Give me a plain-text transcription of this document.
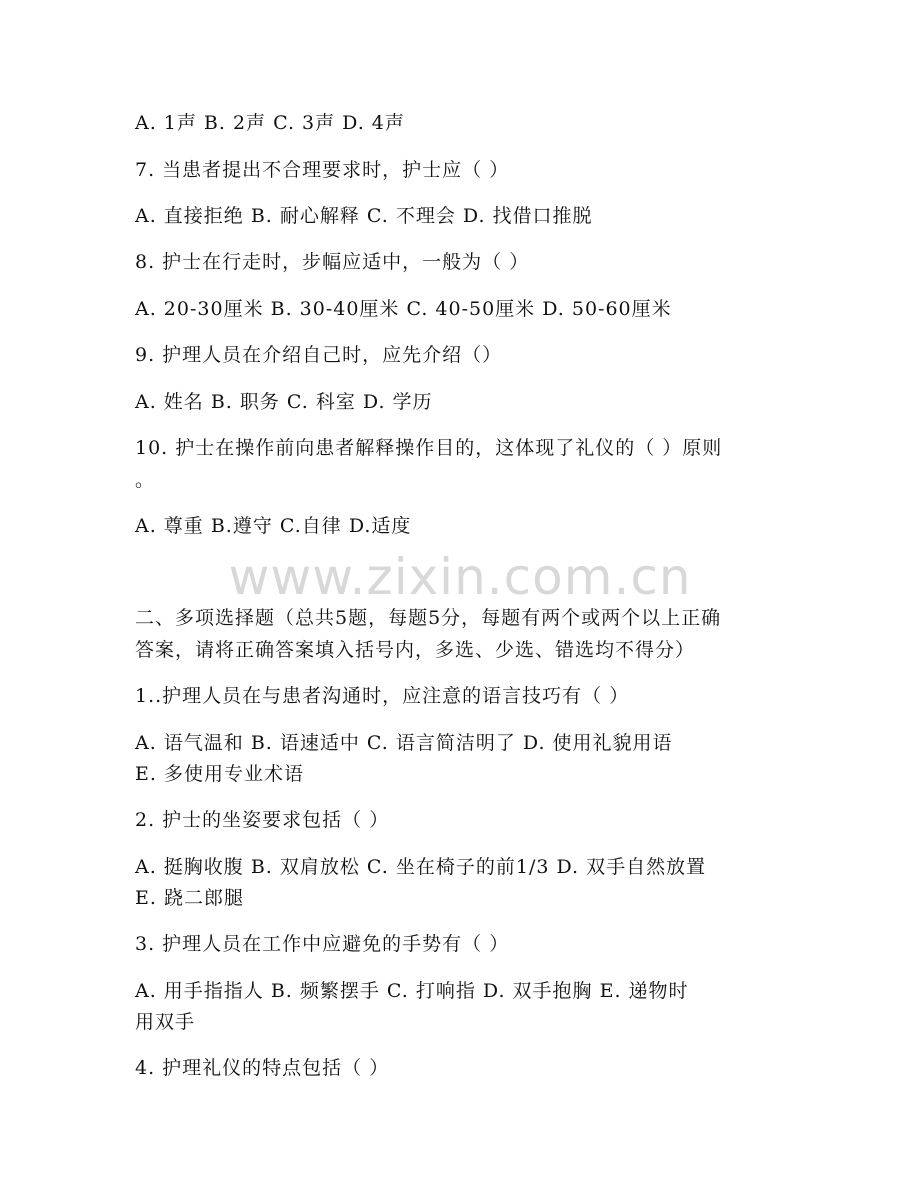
www.zixin.com.cn
A. 1声 B. 2声 C. 3声 D. 4声
7. 当患者提出不合理要求时，护士应（ ）
A. 直接拒绝 B. 耐心解释 C. 不理会 D. 找借口推脱
8. 护士在行走时，步幅应适中，一般为（ ）
A. 20-30厘米 B. 30-40厘米 C. 40-50厘米 D. 50-60厘米
9. 护理人员在介绍自己时，应先介绍（）
A. 姓名 B. 职务 C. 科室 D. 学历
10. 护士在操作前向患者解释操作目的，这体现了礼仪的（ ）原则
。
A. 尊重 B.遵守 C.自律 D.适度
二、多项选择题（总共5题，每题5分，每题有两个或两个以上正确
答案，请将正确答案填入括号内，多选、少选、错选均不得分）
1..护理人员在与患者沟通时，应注意的语言技巧有（ ）
A. 语气温和 B. 语速适中 C. 语言简洁明了 D. 使用礼貌用语
E. 多使用专业术语
2. 护士的坐姿要求包括（ ）
A. 挺胸收腹 B. 双肩放松 C. 坐在椅子的前1/3 D. 双手自然放置
E. 跷二郎腿
3. 护理人员在工作中应避免的手势有（ ）
A. 用手指指人 B. 频繁摆手 C. 打响指 D. 双手抱胸 E. 递物时
用双手
4. 护理礼仪的特点包括（ ）
